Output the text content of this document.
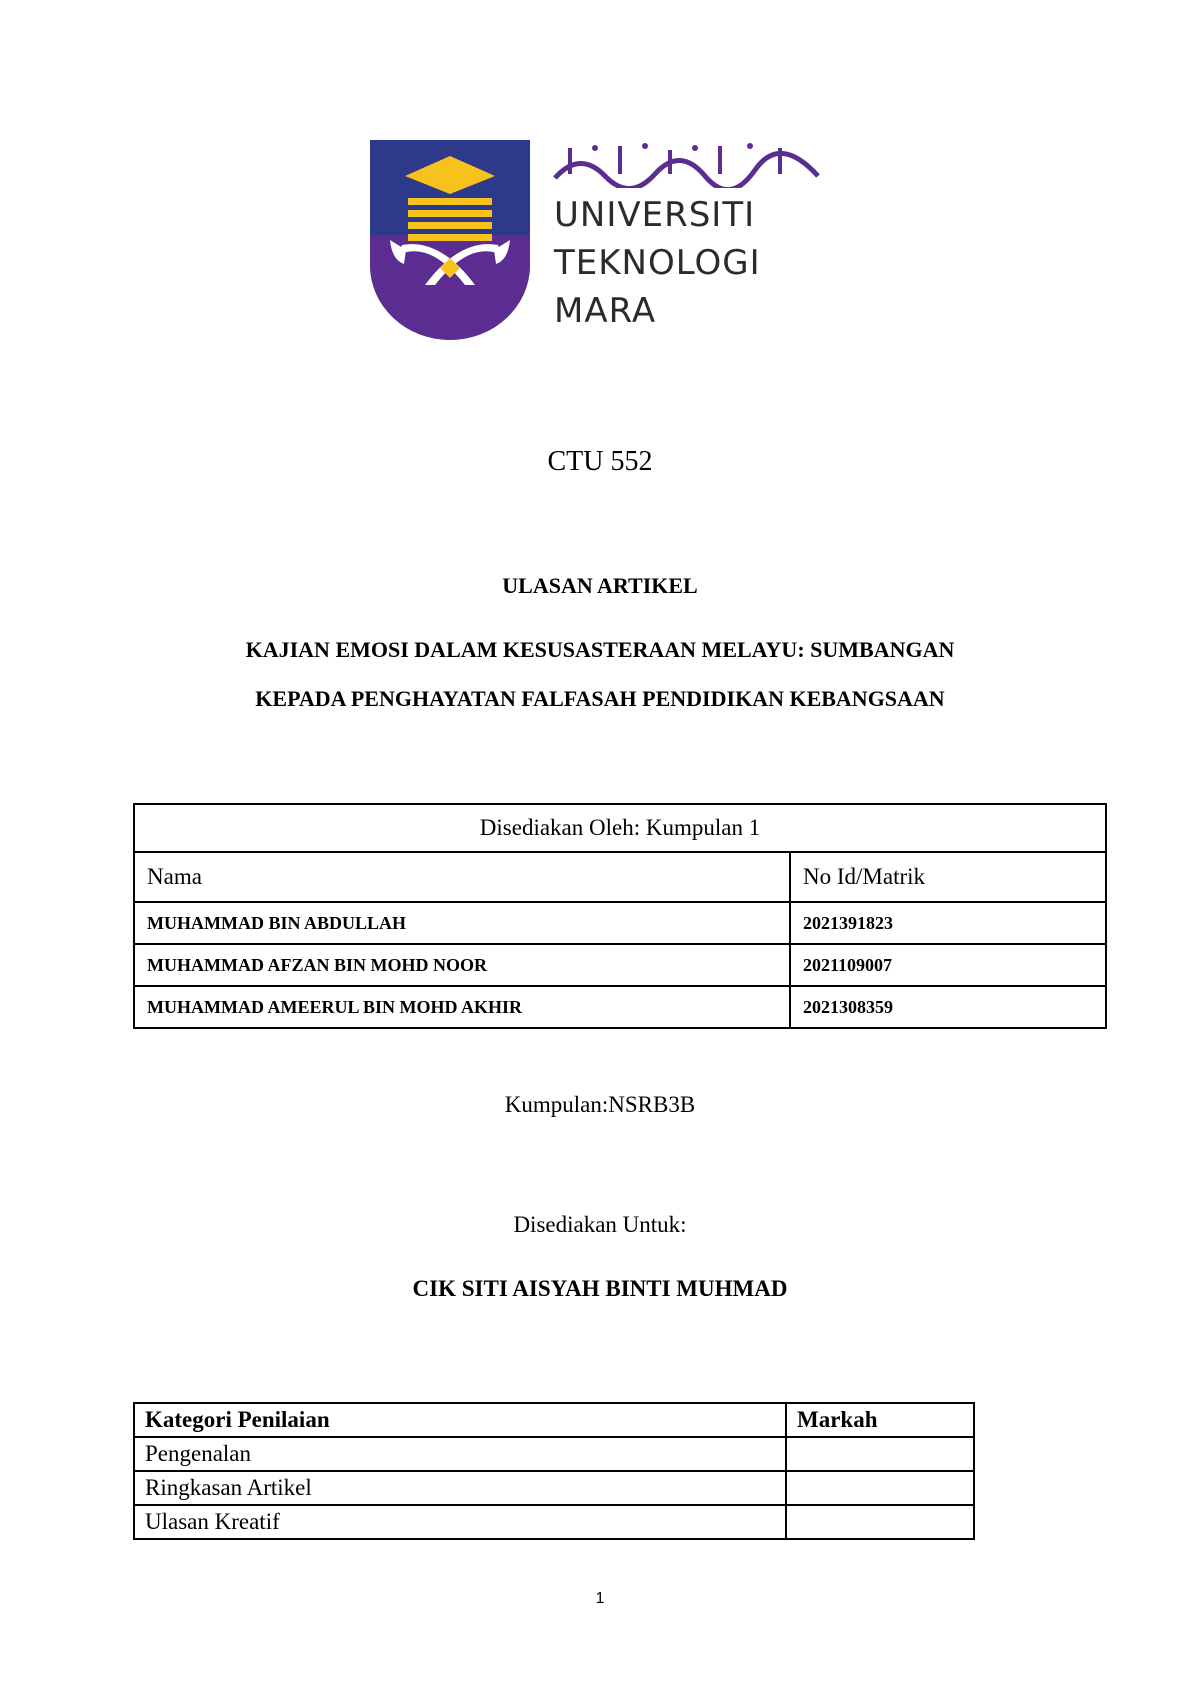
UNIVERSITI
TEKNOLOGI
MARA
CTU 552
ULASAN ARTIKEL
KAJIAN EMOSI DALAM KESUSASTERAAN MELAYU: SUMBANGAN
KEPADA PENGHAYATAN FALFASAH PENDIDIKAN KEBANGSAAN
Disediakan Oleh: Kumpulan 1	
Nama	No Id/Matrik
MUHAMMAD BIN ABDULLAH	2021391823
MUHAMMAD AFZAN BIN MOHD NOOR	2021109007
MUHAMMAD AMEERUL BIN MOHD AKHIR	2021308359
Kumpulan:NSRB3B
Disediakan Untuk:
CIK SITI AISYAH BINTI MUHMAD
Kategori Penilaian	Markah
Pengenalan	
Ringkasan Artikel	
Ulasan Kreatif	
1
